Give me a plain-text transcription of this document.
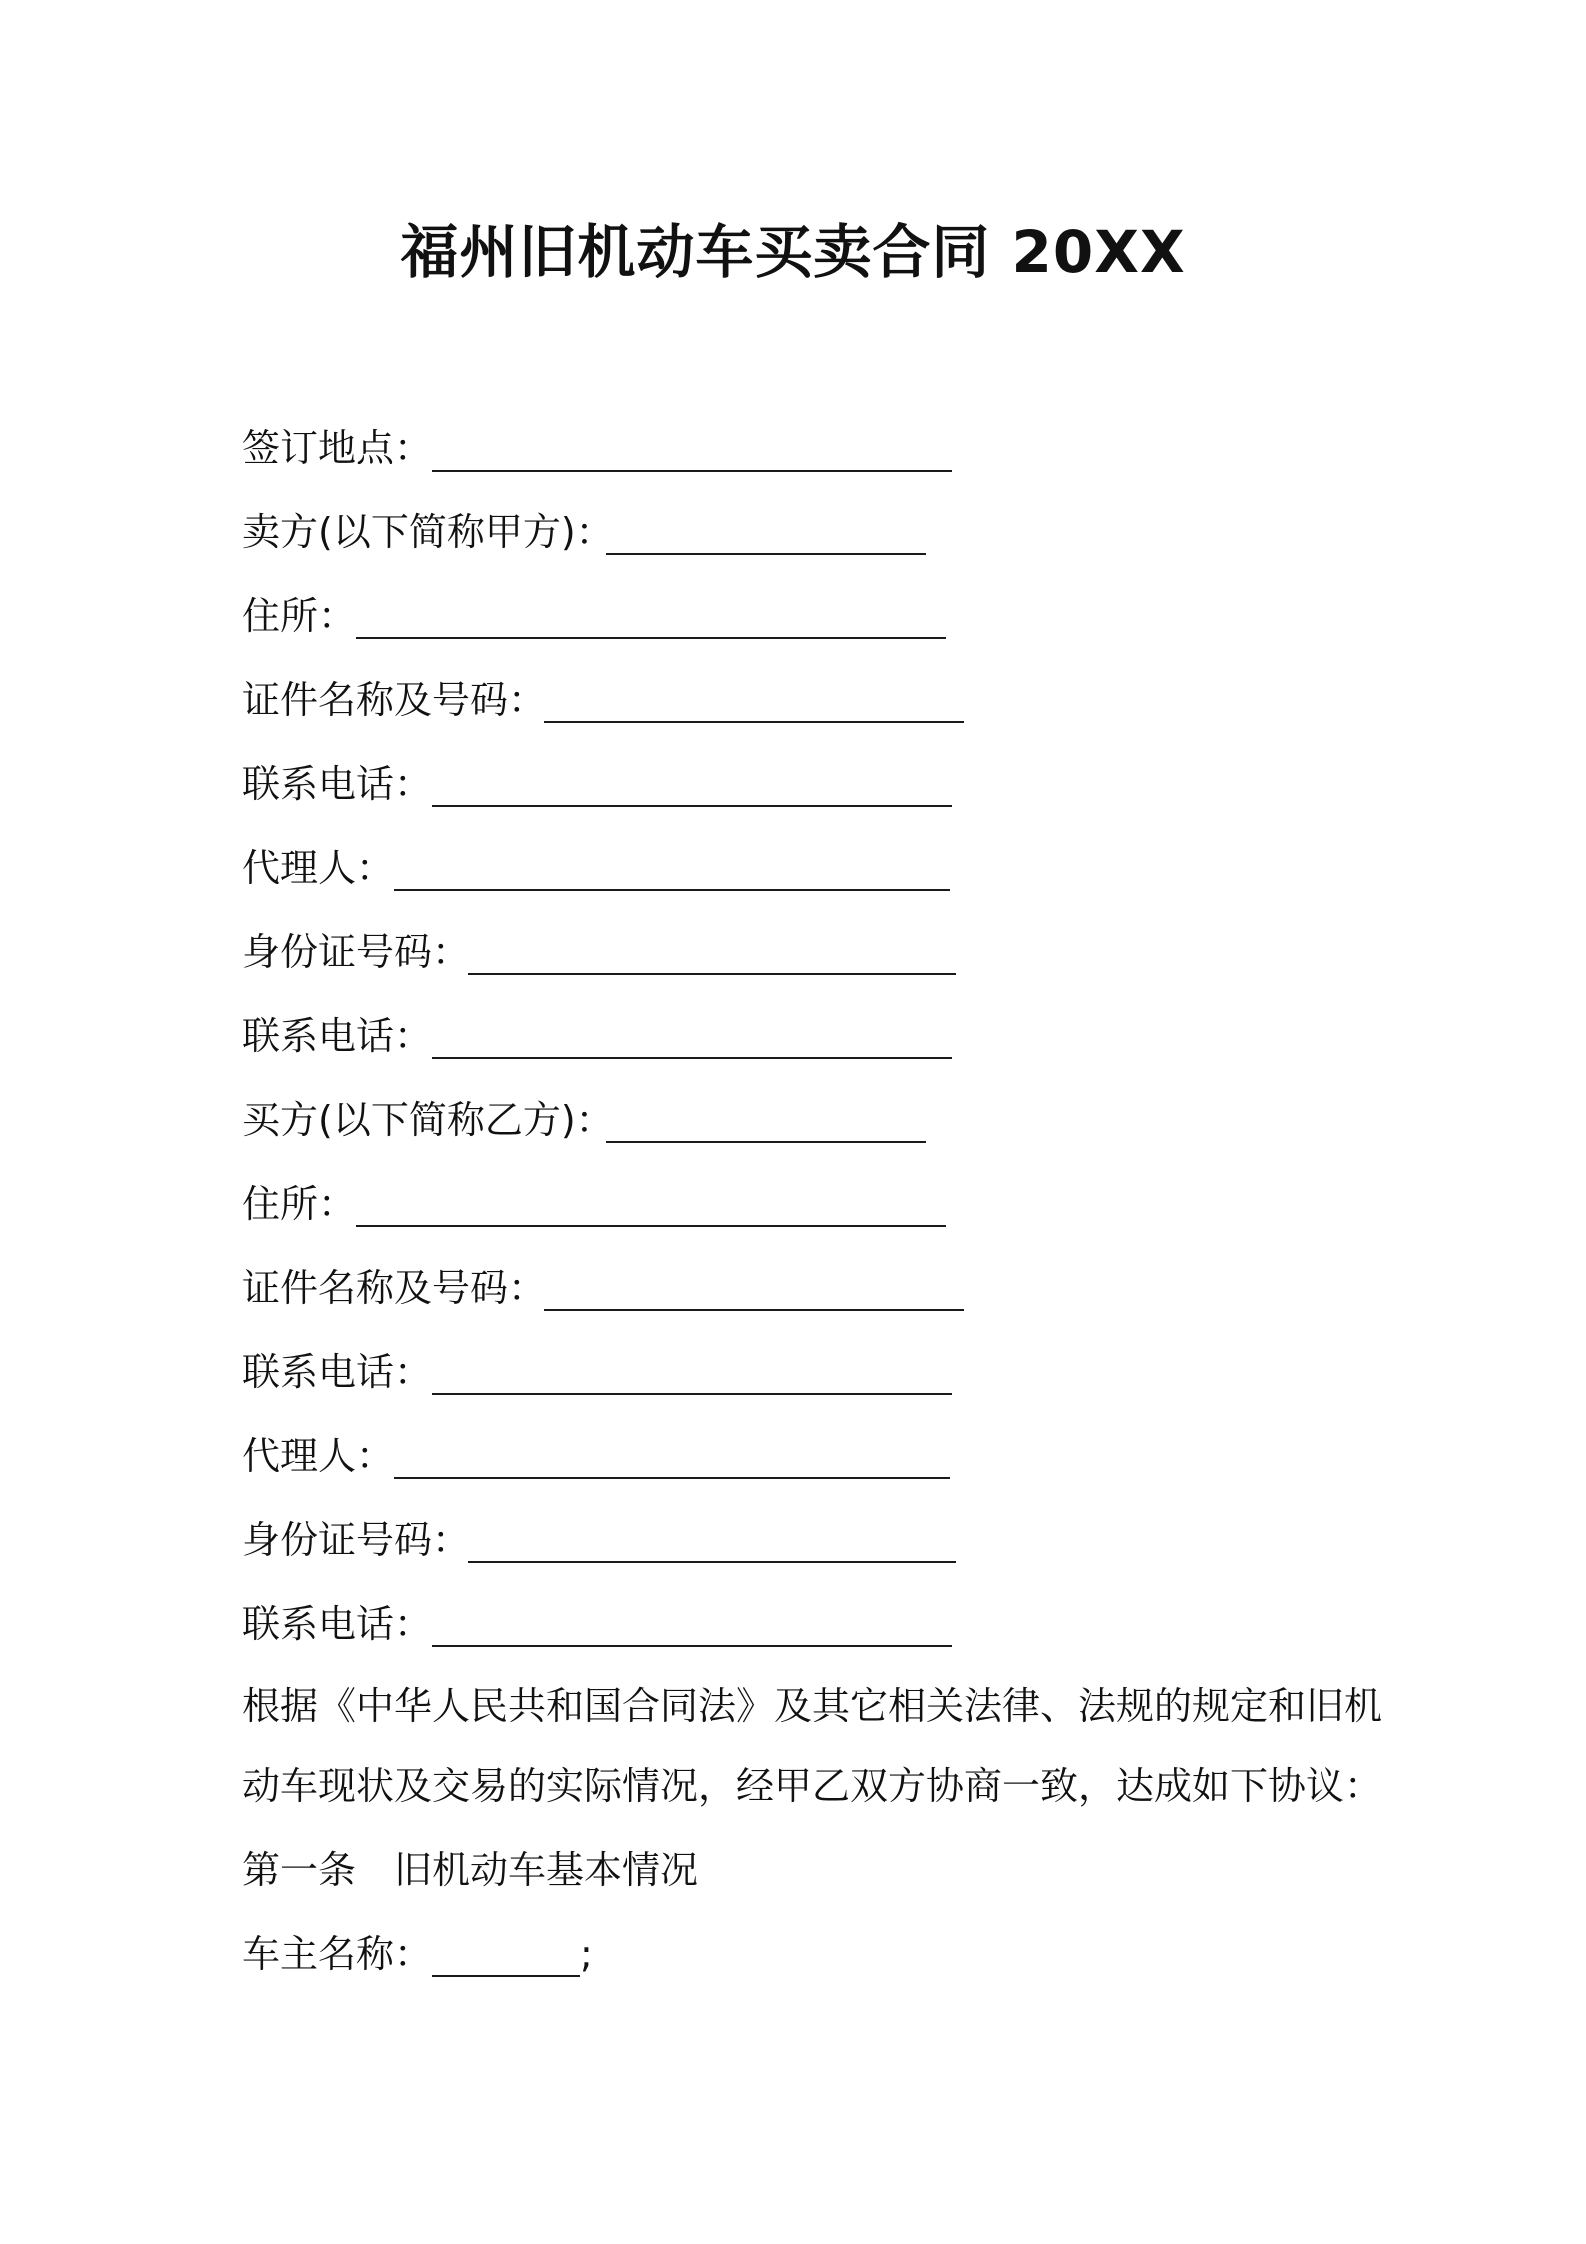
福州旧机动车买卖合同 20XX
签订地点：
卖方(以下简称甲方)：
住所：
证件名称及号码：
联系电话：
代理人：
身份证号码：
联系电话：
买方(以下简称乙方)：
住所：
证件名称及号码：
联系电话：
代理人：
身份证号码：
联系电话：
根据《中华人民共和国合同法》及其它相关法律、法规的规定和旧机
动车现状及交易的实际情况，经甲乙双方协商一致，达成如下协议：
第一条　旧机动车基本情况
车主名称：	;
